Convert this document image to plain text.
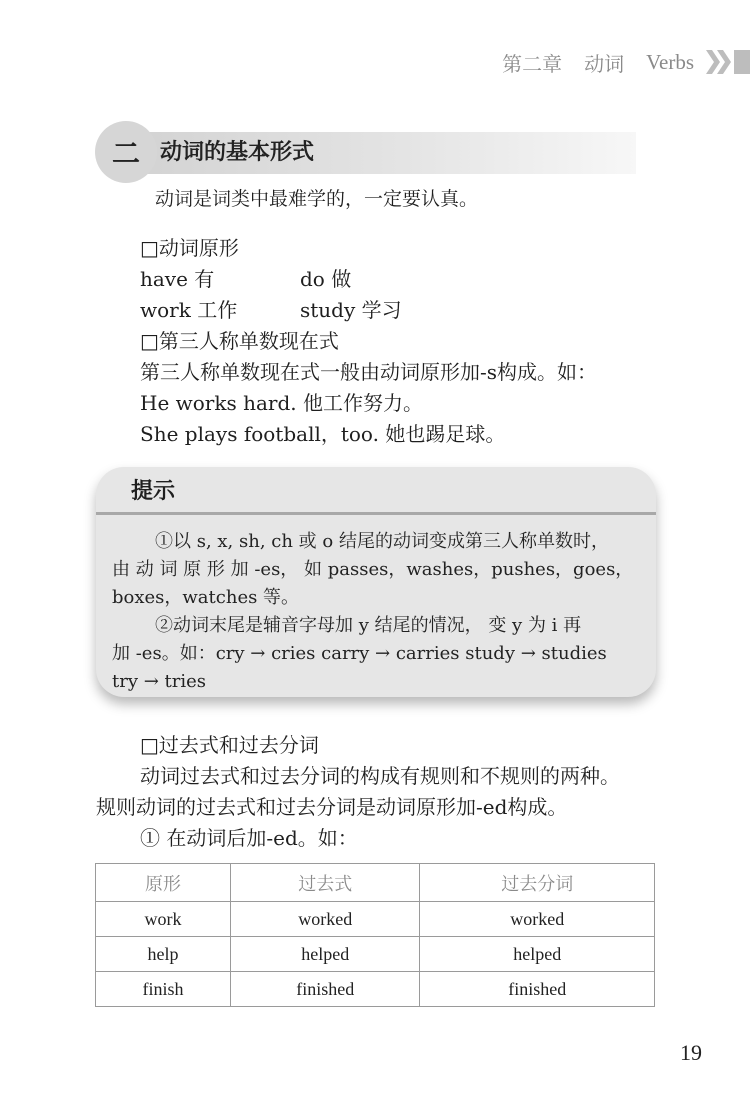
第二章 动词 Verbs
二 动词的基本形式
动词是词类中最难学的，一定要认真。
□动词原形
have 有	do 做
work 工作	study 学习
□第三人称单数现在式
第三人称单数现在式一般由动词原形加-s构成。如：
He works hard. 他工作努力。
She plays football，too. 她也踢足球。
提示
①以 s, x, sh, ch 或 o 结尾的动词变成第三人称单数时，
由 动 词 原 形 加 -es， 如 passes，washes，pushes，goes，
boxes，watches 等。
②动词末尾是辅音字母加 y 结尾的情况， 变 y 为 i 再
加 -es。如：cry → cries carry → carries study → studies
try → tries
□过去式和过去分词
动词过去式和过去分词的构成有规则和不规则的两种。
规则动词的过去式和过去分词是动词原形加-ed构成。
① 在动词后加-ed。如：
原形	过去式	过去分词
work	worked	worked
help	helped	helped
finish	finished	finished
19
